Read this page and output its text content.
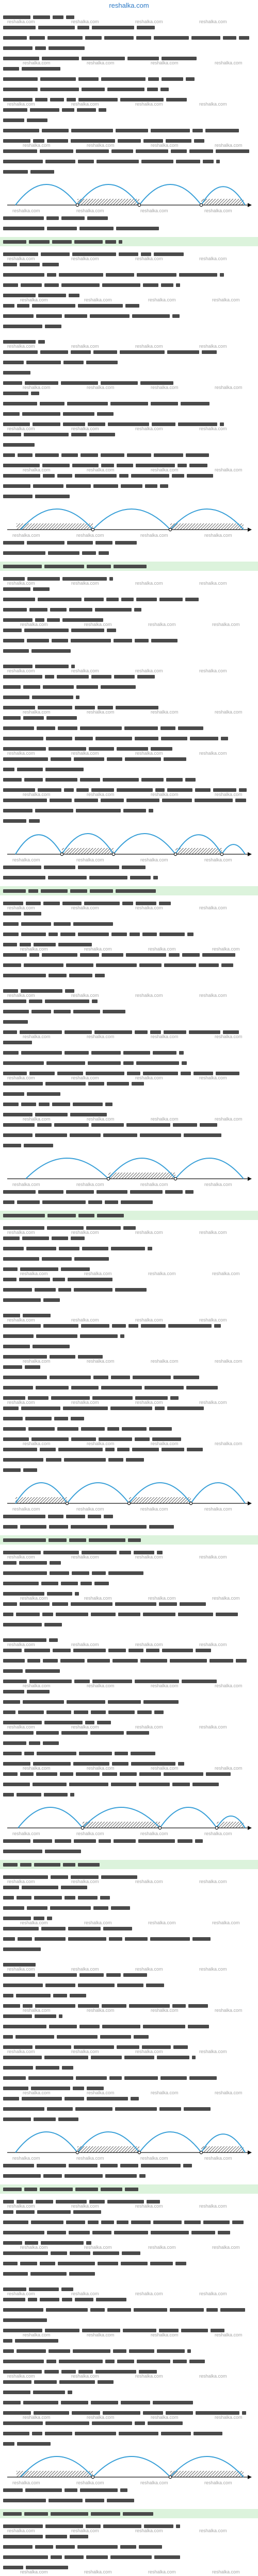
reshalka.com
reshalka.com	reshalka.com	reshalka.com	reshalka.com
reshalka.com	reshalka.com	reshalka.com	reshalka.com
reshalka.com	reshalka.com	reshalka.com	reshalka.com
reshalka.com	reshalka.com	reshalka.com	reshalka.com
reshalka.com	reshalka.com	reshalka.com	reshalka.com
reshalka.com	reshalka.com	reshalka.com	reshalka.com
reshalka.com	reshalka.com	reshalka.com	reshalka.com
reshalka.com	reshalka.com	reshalka.com	reshalka.com
reshalka.com	reshalka.com	reshalka.com	reshalka.com
reshalka.com	reshalka.com	reshalka.com	reshalka.com
reshalka.com	reshalka.com	reshalka.com	reshalka.com
reshalka.com	reshalka.com	reshalka.com	reshalka.com
reshalka.com	reshalka.com	reshalka.com	reshalka.com
reshalka.com	reshalka.com	reshalka.com	reshalka.com
reshalka.com	reshalka.com	reshalka.com	reshalka.com
reshalka.com	reshalka.com	reshalka.com	reshalka.com
reshalka.com	reshalka.com	reshalka.com	reshalka.com
reshalka.com	reshalka.com	reshalka.com	reshalka.com
reshalka.com	reshalka.com	reshalka.com	reshalka.com
reshalka.com	reshalka.com	reshalka.com	reshalka.com
reshalka.com	reshalka.com	reshalka.com	reshalka.com
reshalka.com	reshalka.com	reshalka.com	reshalka.com
reshalka.com	reshalka.com	reshalka.com	reshalka.com
reshalka.com	reshalka.com	reshalka.com	reshalka.com
reshalka.com	reshalka.com	reshalka.com	reshalka.com
reshalka.com	reshalka.com	reshalka.com	reshalka.com
reshalka.com	reshalka.com	reshalka.com	reshalka.com
reshalka.com	reshalka.com	reshalka.com	reshalka.com
reshalka.com	reshalka.com	reshalka.com	reshalka.com
reshalka.com	reshalka.com	reshalka.com	reshalka.com
reshalka.com	reshalka.com	reshalka.com	reshalka.com
reshalka.com	reshalka.com	reshalka.com	reshalka.com
reshalka.com	reshalka.com	reshalka.com	reshalka.com
reshalka.com	reshalka.com	reshalka.com	reshalka.com
reshalka.com	reshalka.com	reshalka.com	reshalka.com
reshalka.com	reshalka.com	reshalka.com	reshalka.com
reshalka.com	reshalka.com	reshalka.com	reshalka.com
reshalka.com	reshalka.com	reshalka.com	reshalka.com
reshalka.com	reshalka.com	reshalka.com	reshalka.com
reshalka.com	reshalka.com	reshalka.com	reshalka.com
reshalka.com	reshalka.com	reshalka.com	reshalka.com
reshalka.com	reshalka.com	reshalka.com	reshalka.com
reshalka.com	reshalka.com	reshalka.com	reshalka.com
reshalka.com	reshalka.com	reshalka.com	reshalka.com
reshalka.com	reshalka.com	reshalka.com	reshalka.com
reshalka.com	reshalka.com	reshalka.com	reshalka.com
reshalka.com	reshalka.com	reshalka.com	reshalka.com
reshalka.com	reshalka.com	reshalka.com	reshalka.com
reshalka.com	reshalka.com	reshalka.com	reshalka.com
reshalka.com	reshalka.com	reshalka.com	reshalka.com
reshalka.com	reshalka.com	reshalka.com	reshalka.com
reshalka.com	reshalka.com	reshalka.com	reshalka.com
reshalka.com	reshalka.com	reshalka.com	reshalka.com
reshalka.com	reshalka.com	reshalka.com	reshalka.com
reshalka.com	reshalka.com	reshalka.com	reshalka.com
reshalka.com	reshalka.com	reshalka.com	reshalka.com
